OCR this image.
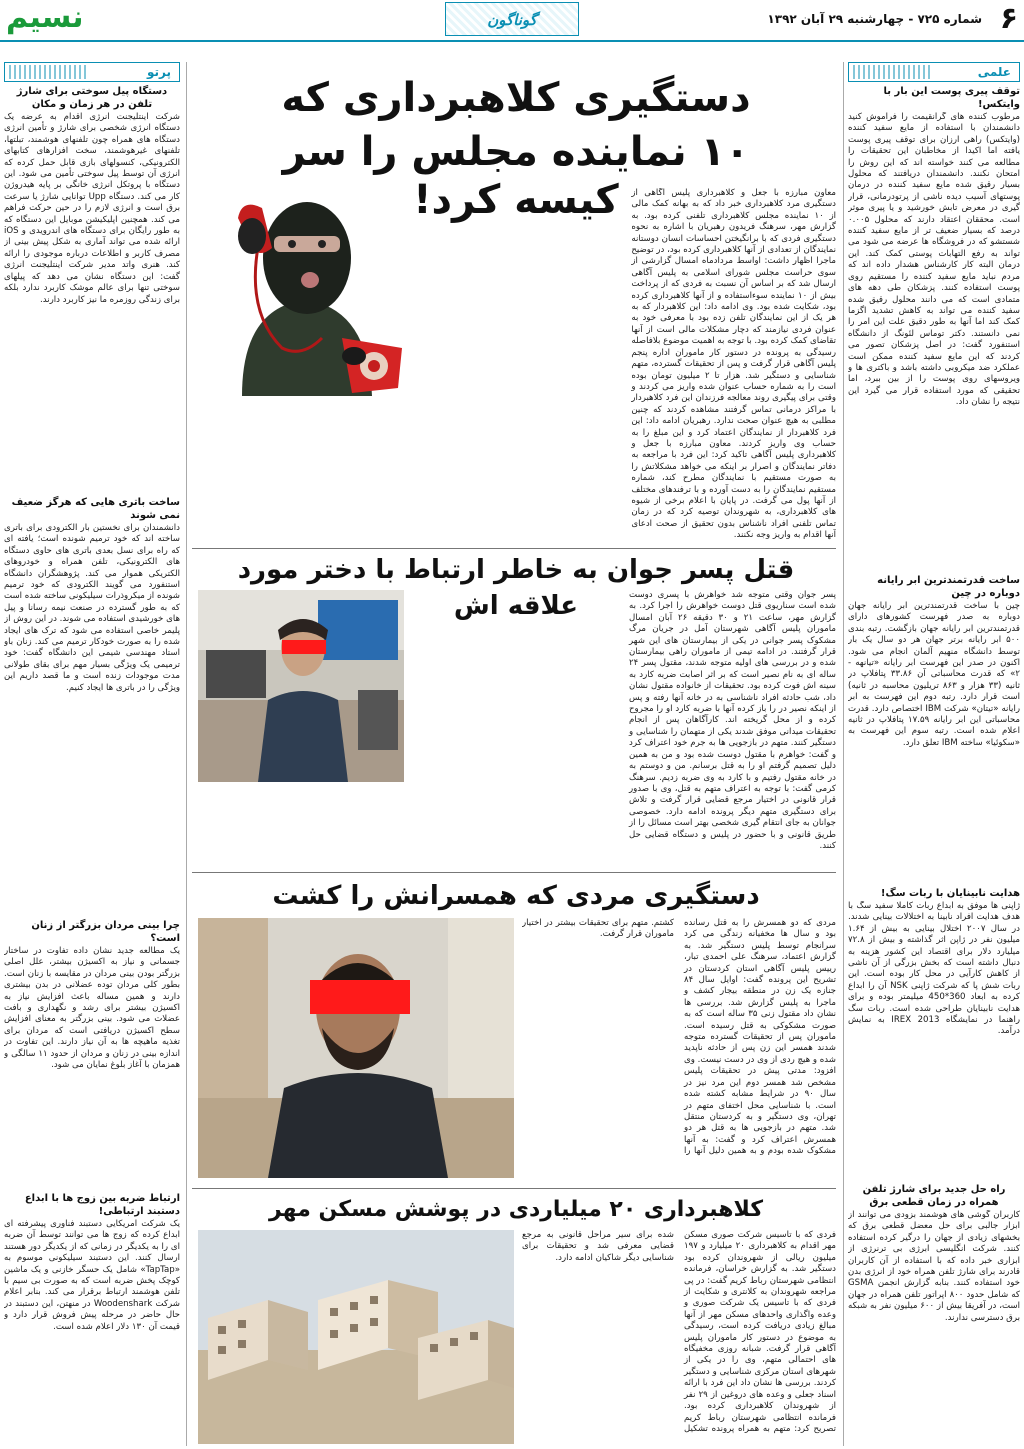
۶
شماره ۷۲۵ - چهارشنبه ۲۹ آبان ۱۳۹۲
گوناگون
نسیم
علمی
توقف پیری پوست این بار با وایتکس!
مرطوب کننده های گرانقیمت را فراموش کنید دانشمندان با استفاده از مایع سفید کننده (وایتکس) راهی ارزان برای توقف پیری پوست یافته اما اکیدا از مخاطبان این تحقیقات را مطالعه می کنند خواسته اند که این روش را امتحان نکنند. دانشمندان دریافتند که محلول بسیار رقیق شده مایع سفید کننده در درمان پوستهای آسیب دیده ناشی از پرتودرمانی، قرار گیری در معرض تابش خورشید و یا پیری موثر است. محققان اعتقاد دارند که محلول ۰.۰۰۵ درصد که بسیار ضعیف تر از مایع سفید کننده شستشو که در فروشگاه ها عرضه می شود می تواند به رفع التهابات پوستی کمک کند. این درمان البته کار کارشناس هشدار داده اند که مردم نباید مایع سفید کننده را مستقیم روی پوست استفاده کنند. پزشکان طی دهه های متمادی است که می دانند محلول رقیق شده سفید کننده می تواند به کاهش تشدید اگزما کمک کند اما آنها به طور دقیق علت این امر را نمی دانستند. دکتر توماس لئونگ از دانشگاه استنفورد گفت: در اصل پزشکان تصور می کردند که این مایع سفید کننده ممکن است عملکرد ضد میکروبی داشته باشد و باکتری ها و ویروسهای روی پوست را از بین ببرد، اما تحقیقی که مورد استفاده قرار می گیرد این نتیجه را نشان داد.
ساخت قدرتمندترین ابر رایانه دوباره در چین
چین با ساخت قدرتمندترین ابر رایانه جهان دوباره به صدر فهرست کشورهای دارای قدرتمندترین ابر رایانه جهان بازگشت. رتبه بندی ۵۰۰ ابر رایانه برتر جهان هر دو سال یک بار توسط دانشگاه منهیم آلمان انجام می شود. اکنون در صدر این فهرست ابر رایانه «تیانهه - ۲» که قدرت محاسباتی آن ۳۳.۸۶ پتافلاپ در ثانیه (۳۳ هزار و ۸۶۳ تریلیون محاسبه در ثانیه) است قرار دارد. رتبه دوم این فهرست به ابر رایانه «تیتان» شرکت IBM اختصاص دارد. قدرت محاسباتی این ابر رایانه ۱۷.۵۹ پتافلاپ در ثانیه اعلام شده است. رتبه سوم این فهرست به «سکوئیا» ساخته IBM تعلق دارد.
هدایت نابینایان با ربات سگ!
ژاپنی ها موفق به ابداع ربات کاملا سفید سگ با هدف هدایت افراد نابینا به اختلالات بینایی شدند. در سال ۲۰۰۷ اختلال بینایی به بیش از ۱.۶۴ میلیون نفر در ژاپن اثر گذاشته و بیش از ۷۲.۸ میلیارد دلار برای اقتصاد این کشور هزینه به دنبال داشته است که بخش بزرگی از آن ناشی از کاهش کارآیی در محل کار بوده است. این ربات شش پا که شرکت ژاپنی NSK آن را ابداع کرده به ابعاد 360*450 میلیمتر بوده و برای هدایت نابینایان طراحی شده است. ربات سگ راهنما در نمایشگاه IREX 2013 به نمایش درآمد.
راه حل جدید برای شارژ تلفن همراه در زمان قطعی برق
کاربران گوشی های هوشمند بزودی می توانند از ابزار جالبی برای حل معضل قطعی برق که بخشهای زیادی از جهان را درگیر کرده استفاده کنند. شرکت انگلیسی ابرژی بی ترنرژی از ابزاری خبر داده که با استفاده از آن کاربران قادرند برای شارژ تلفن همراه خود از انرژی بدن خود استفاده کنند. بنابه گزارش انجمن GSMA که شامل حدود ۸۰۰ اپراتور تلفن همراه در جهان است، در آفریقا بیش از ۶۰۰ میلیون نفر به شبکه برق دسترسی ندارند.
پرتو
دستگاه پیل سوختی برای شارژ تلفن در هر زمان و مکان
شرکت اینتلیجنت انرژی اقدام به عرضه یک دستگاه انرژی شخصی برای شارژ و تأمین انرژی دستگاه های همراه چون تلفنهای هوشمند، تبلتها، تلفنهای غیرهوشمند، سخت افزارهای کتابهای الکترونیکی، کنسولهای بازی قابل حمل کرده که انرژی آن توسط پیل سوختی تأمین می شود. این دستگاه با پروتکل انرژی خانگی بر پایه هیدروژن کار می کند. دستگاه Upp توانایی شارژ یا سرعت برق است و انرژی لازم را در حین حرکت فراهم می کند. همچنین اپلیکیشن موبایل این دستگاه که به طور رایگان برای دستگاه های اندرویدی و iOS ارائه شده می تواند آماری به شکل پیش بینی از مصرف کاربر و اطلاعات درباره موجودی را ارائه کند. هنری واتد مدیر شرکت اینتلیجنت انرژی گفت: این دستگاه نشان می دهد که پیلهای سوختی تنها برای عالم موشک کاربرد ندارد بلکه برای زندگی روزمره ما نیز کاربرد دارند.
ساخت باتری هایی که هرگز ضعیف نمی شوند
دانشمندان برای نخستین بار الکترودی برای باتری ساخته اند که خود ترمیم شونده است؛ یافته ای که راه برای نسل بعدی باتری های حاوی دستگاه های الکترونیکی، تلفن همراه و خودروهای الکتریکی هموار می کند. پژوهشگران دانشگاه استنفورد می گویند الکترودی که خود ترمیم شونده از میکروذرات سیلیکونی ساخته شده است که به طور گسترده در صنعت نیمه رسانا و پیل های خورشیدی استفاده می شوند. در این روش از پلیمر خاصی استفاده می شود که ترک های ایجاد شده را به صورت خودکار ترمیم می کند. زنان باو استاد مهندسی شیمی این دانشگاه گفت: خود ترمیمی یک ویژگی بسیار مهم برای بقای طولانی مدت موجودات زنده است و ما قصد داریم این ویژگی را در باتری ها ایجاد کنیم.
چرا بینی مردان بزرگتر از زنان است؟
یک مطالعه جدید نشان داده تفاوت در ساختار جسمانی و نیاز به اکسیژن بیشتر، علل اصلی بزرگتر بودن بینی مردان در مقایسه با زنان است. بطور کلی مردان توده عضلانی در بدن بیشتری دارند و همین مساله باعث افزایش نیاز به اکسیژن بیشتر برای رشد و نگهداری و بافت عضلات می شود. بینی بزرگتر به معنای افزایش سطح اکسیژن دریافتی است که مردان برای تغذیه ماهیچه ها به آن نیاز دارند. این تفاوت در اندازه بینی در زنان و مردان از حدود ۱۱ سالگی و همزمان با آغاز بلوغ نمایان می شود.
ارتباط ضربه بین زوج ها با ابداع دستبند ارتباطی!
یک شرکت آمریکایی دستبند فناوری پیشرفته ای ابداع کرده که زوج ها می توانند توسط آن ضربه ای را به یکدیگر در زمانی که از یکدیگر دور هستند ارسال کنند. این دستبند سیلیکونی موسوم به «TapTap» شامل یک حسگر خازنی و یک ماشین کوچک پخش ضربه است که به صورت بی سیم با تلفن هوشمند ارتباط برقرار می کند. بنابر اعلام شرکت Woodenshark در منهتن، این دستبند در حال حاضر در مرحله پیش فروش قرار دارد و قیمت آن ۱۳۰ دلار اعلام شده است.
دستگیری کلاهبرداری که
۱۰ نماینده مجلس را سر کیسه کرد!	معاون مبارزه با جعل و کلاهبرداری پلیس آگاهی از دستگیری مرد کلاهبرداری خبر داد که به بهانه کمک مالی از ۱۰ نماینده مجلس کلاهبرداری تلفنی کرده بود. به گزارش مهر، سرهنگ فریدون رهبریان با اشاره به نحوه دستگیری فردی که با برانگیختن احساسات انسان دوستانه نمایندگان از تعدادی از آنها کلاهبرداری کرده بود، در توضیح ماجرا اظهار داشت: اواسط مردادماه امسال گزارشی از سوی حراست مجلس شورای اسلامی به پلیس آگاهی ارسال شد که بر اساس آن نسبت به فردی که از پرداخت بیش از ۱۰ نماینده سوءاستفاده و از آنها کلاهبرداری کرده بود، شکایت شده بود. وی ادامه داد: این کلاهبردار که به هر یک از این نمایندگان تلفن زده بود با معرفی خود به عنوان فردی نیازمند که دچار مشکلات مالی است از آنها تقاضای کمک کرده بود. با توجه به اهمیت موضوع بلافاصله رسیدگی به پرونده در دستور کار ماموران اداره پنجم پلیس آگاهی قرار گرفت و پس از تحقیقات گسترده، متهم شناسایی و دستگیر شد. هزار تا ۲ میلیون تومان بوده است را به شماره حساب عنوان شده واریز می کردند و وقتی برای پیگیری روند معالجه فرزندان این فرد کلاهبردار با مراکز درمانی تماس گرفتند مشاهده کردند که چنین مطلبی به هیچ عنوان صحت ندارد. رهبریان ادامه داد: این فرد کلاهبردار از نمایندگان اعتماد کرد و این مبلغ را به حساب وی واریز کردند. معاون مبارزه با جعل و کلاهبرداری پلیس آگاهی تاکید کرد: این فرد با مراجعه به دفاتر نمایندگان و اصرار بر اینکه می خواهد مشکلاتش را به صورت مستقیم با نمایندگان مطرح کند، شماره مستقیم نمایندگان را به دست آورده و با ترفندهای مختلف از آنها پول می گرفت. در پایان با اعلام برخی از شیوه های کلاهبرداری، به شهروندان توصیه کرد که در زمان تماس تلفنی افراد ناشناس بدون تحقیق از صحت ادعای آنها اقدام به واریز وجه نکنند.
قتل پسر جوان به خاطر ارتباط با دختر مورد علاقه اش	پسر جوان وقتی متوجه شد خواهرش با پسری دوست شده است سناریوی قتل دوست خواهرش را اجرا کرد. به گزارش مهر، ساعت ۲۱ و ۳۰ دقیقه ۲۶ آبان امسال ماموران پلیس آگاهی شهرستان آمل در جریان مرگ مشکوک پسر جوانی در یکی از بیمارستان های این شهر قرار گرفتند. در ادامه تیمی از ماموران راهی بیمارستان شده و در بررسی های اولیه متوجه شدند، مقتول پسر ۲۴ ساله ای به نام نصیر است که بر اثر اصابت ضربه کارد به سینه اش فوت کرده بود. تحقیقات از خانواده مقتول نشان داد، شب حادثه افراد ناشناسی به در خانه آنها رفته و پس از اینکه نصیر در را باز کرده آنها با ضربه کارد او را مجروح کرده و از محل گریخته اند. کارآگاهان پس از انجام تحقیقات میدانی موفق شدند یکی از متهمان را شناسایی و دستگیر کنند. متهم در بازجویی ها به جرم خود اعتراف کرد و گفت: خواهرم با مقتول دوست شده بود و من به همین دلیل تصمیم گرفتم او را به قتل برسانم. من و دوستم به در خانه مقتول رفتیم و با کارد به وی ضربه زدیم. سرهنگ کرمی گفت: با توجه به اعتراف متهم به قتل، وی با صدور قرار قانونی در اختیار مرجع قضایی قرار گرفت و تلاش برای دستگیری متهم دیگر پرونده ادامه دارد. خصوصی جوانان به جای انتقام گیری شخصی بهتر است مسائل را از طریق قانونی و با حضور در پلیس و دستگاه قضایی حل کنند.
دستگیری مردی که همسرانش را کشت
مردی که دو همسرش را به قتل رسانده بود و سال ها مخفیانه زندگی می کرد سرانجام توسط پلیس دستگیر شد. به گزارش اعتماد، سرهنگ علی احمدی تبار، رییس پلیس آگاهی استان کردستان در تشریح این پرونده گفت: اوایل سال ۸۴ جنازه یک زن در منطقه بیجار کشف و ماجرا به پلیس گزارش شد. بررسی ها نشان داد مقتول زنی ۳۵ ساله است که به صورت مشکوکی به قتل رسیده است. ماموران پس از تحقیقات گسترده متوجه شدند همسر این زن پس از حادثه ناپدید شده و هیچ ردی از وی در دست نیست. وی افزود: مدتی پیش در تحقیقات پلیس مشخص شد همسر دوم این مرد نیز در سال ۹۰ در شرایط مشابه کشته شده است. با شناسایی محل اختفای متهم در تهران، وی دستگیر و به کردستان منتقل شد. متهم در بازجویی ها به قتل هر دو همسرش اعتراف کرد و گفت: به آنها مشکوک شده بودم و به همین دلیل آنها را کشتم. متهم برای تحقیقات بیشتر در اختیار ماموران قرار گرفت.
کلاهبرداری ۲۰ میلیاردی در پوشش مسکن مهر
فردی که با تاسیس شرکت صوری مسکن مهر اقدام به کلاهبرداری ۲۰ میلیارد و ۱۹۷ میلیون ریالی از شهروندان کرده بود دستگیر شد. به گزارش خراسان، فرمانده انتظامی شهرستان رباط کریم گفت: در پی مراجعه شهروندان به کلانتری و شکایت از فردی که با تاسیس یک شرکت صوری و وعده واگذاری واحدهای مسکن مهر از آنها مبالغ زیادی دریافت کرده است، رسیدگی به موضوع در دستور کار ماموران پلیس آگاهی قرار گرفت. شبانه روزی مخفیگاه های احتمالی متهم، وی را در یکی از شهرهای استان مرکزی شناسایی و دستگیر کردند. بررسی ها نشان داد این فرد با ارائه اسناد جعلی و وعده های دروغین از ۲۹ نفر از شهروندان کلاهبرداری کرده بود. فرمانده انتظامی شهرستان رباط کریم تصریح کرد: متهم به همراه پرونده تشکیل شده برای سیر مراحل قانونی به مرجع قضایی معرفی شد و تحقیقات برای شناسایی دیگر شاکیان ادامه دارد.
